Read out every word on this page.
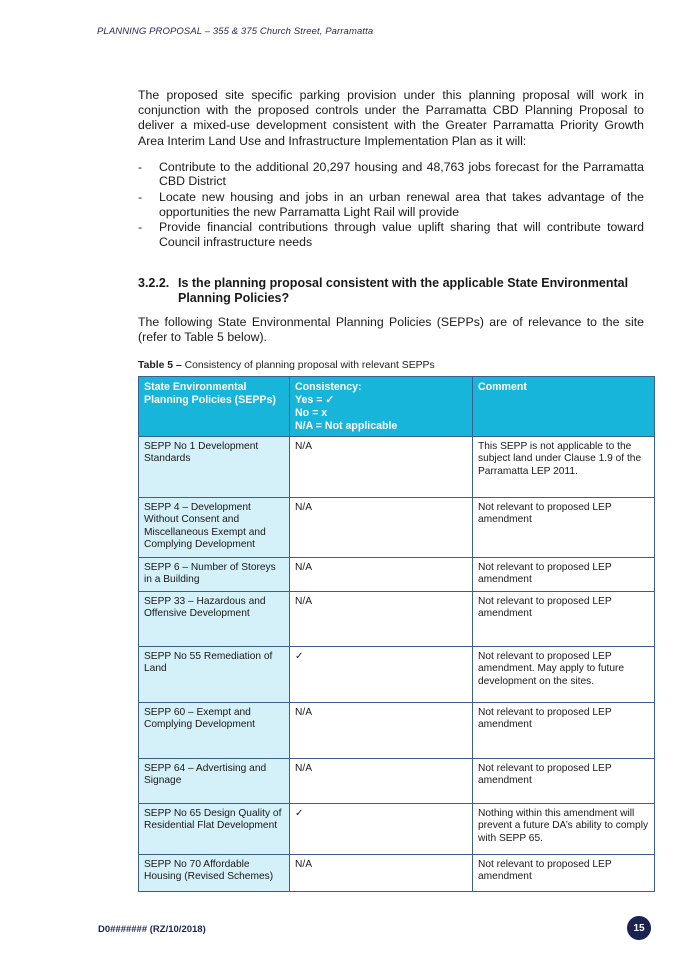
PLANNING PROPOSAL – 355 & 375 Church Street, Parramatta

The proposed site specific parking provision under this planning proposal will work in conjunction with the proposed controls under the Parramatta CBD Planning Proposal to deliver a mixed-use development consistent with the Greater Parramatta Priority Growth Area Interim Land Use and Infrastructure Implementation Plan as it will:

- Contribute to the additional 20,297 housing and 48,763 jobs forecast for the Parramatta CBD District
- Locate new housing and jobs in an urban renewal area that takes advantage of the opportunities the new Parramatta Light Rail will provide
- Provide financial contributions through value uplift sharing that will contribute toward Council infrastructure needs
3.2.2. Is the planning proposal consistent with the applicable State Environmental Planning Policies?

The following State Environmental Planning Policies (SEPPs) are of relevance to the site (refer to Table 5 below).

Table 5 – Consistency of planning proposal with relevant SEPPs
State Environmental Planning Policies (SEPPs)	Consistency:
Yes = ✓
No = x
N/A = Not applicable	Comment
SEPP No 1 Development Standards	N/A	This SEPP is not applicable to the subject land under Clause 1.9 of the Parramatta LEP 2011.
SEPP 4 – Development Without Consent and Miscellaneous Exempt and Complying Development	N/A	Not relevant to proposed LEP amendment
SEPP 6 – Number of Storeys in a Building	N/A	Not relevant to proposed LEP amendment
SEPP 33 – Hazardous and Offensive Development	N/A	Not relevant to proposed LEP amendment
SEPP No 55 Remediation of Land	✓	Not relevant to proposed LEP amendment. May apply to future development on the sites.
SEPP 60 – Exempt and Complying Development	N/A	Not relevant to proposed LEP amendment
SEPP 64 – Advertising and Signage	N/A	Not relevant to proposed LEP amendment
SEPP No 65 Design Quality of Residential Flat Development	✓	Nothing within this amendment will prevent a future DA’s ability to comply with SEPP 65.
SEPP No 70 Affordable Housing (Revised Schemes)	N/A	Not relevant to proposed LEP amendment
D0####### (RZ/10/2018)	15
